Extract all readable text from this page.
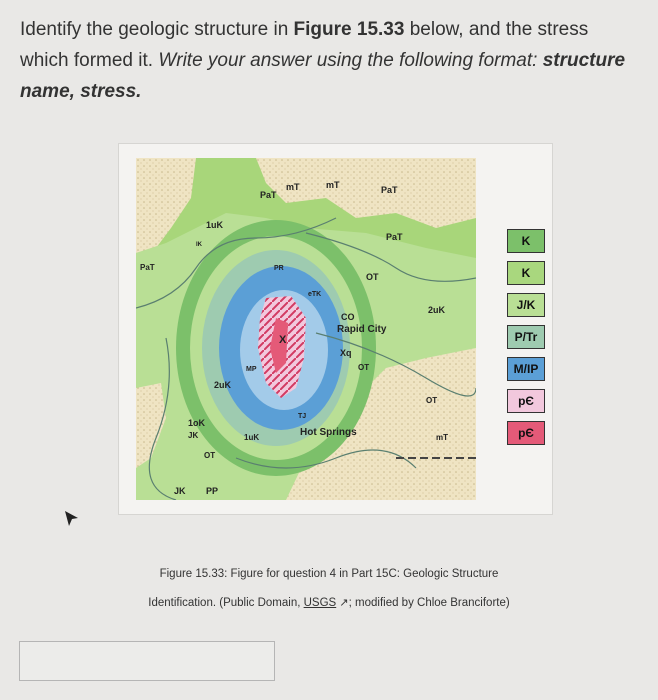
Identify the geologic structure in Figure 15.33 below, and the stress which formed it. Write your answer using the following format: structure name, stress.
PaT
mT	mT	PaT
1uK
IK
PaT
PaT
OT
PR
eTK
CO
Rapid City
Xq
OT
2uK
2uK
MP
X
OT
1oK
JK	1uK
TJ
Hot Springs
OT
mT
JK PP
K
K
J/K
P/Tr
M/IP
pЄ
pЄ
Figure 15.33: Figure for question 4 in Part 15C: Geologic Structure
Identification. (Public Domain, USGS ↗; modified by Chloe Branciforte)
